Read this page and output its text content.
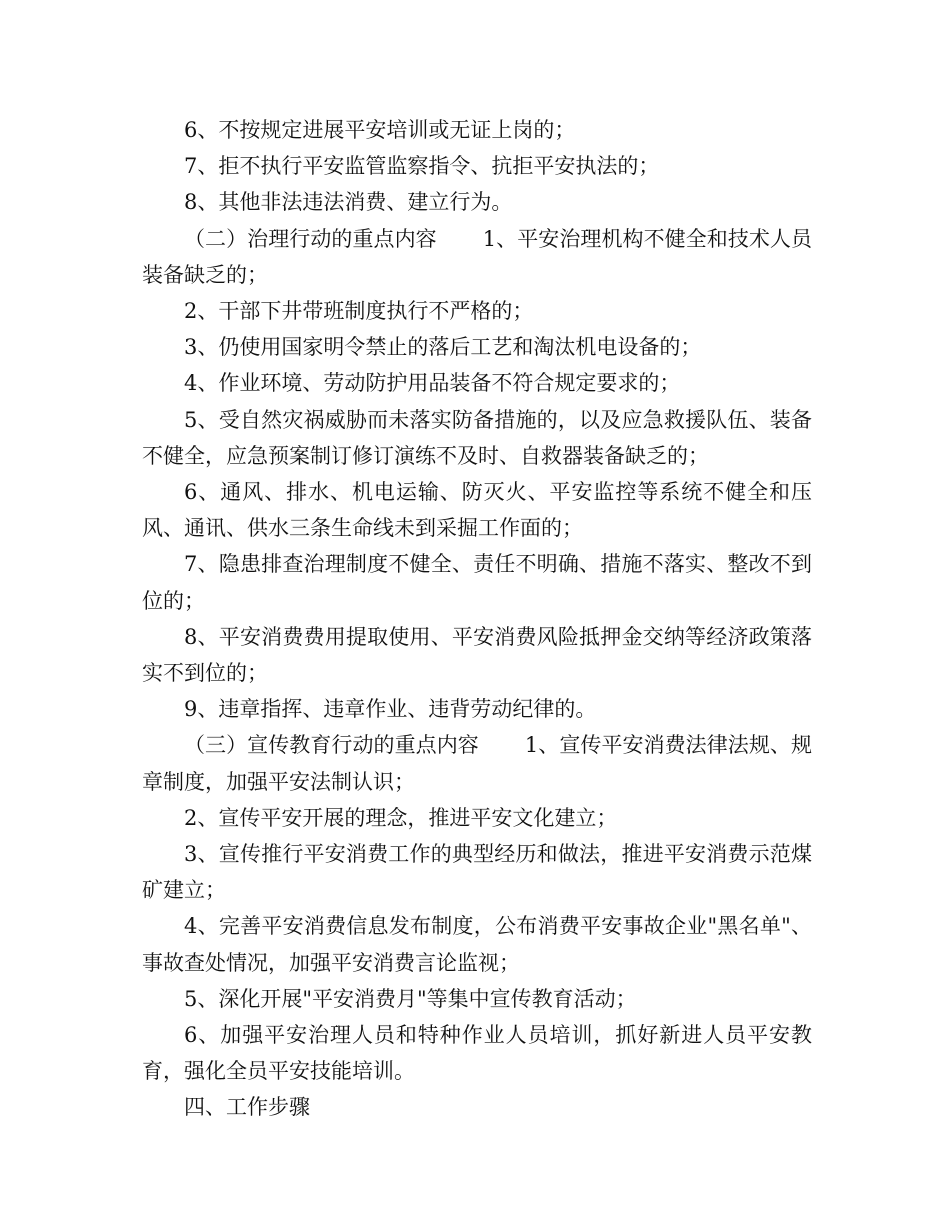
6、不按规定进展平安培训或无证上岗的；

7、拒不执行平安监管监察指令、抗拒平安执法的；

8、其他非法违法消费、建立行为。

（二）治理行动的重点内容 1、平安治理机构不健全和技术人员装备缺乏的；

2、干部下井带班制度执行不严格的；

3、仍使用国家明令禁止的落后工艺和淘汰机电设备的；

4、作业环境、劳动防护用品装备不符合规定要求的；

5、受自然灾祸威胁而未落实防备措施的，以及应急救援队伍、装备不健全，应急预案制订修订演练不及时、自救器装备缺乏的；

6、通风、排水、机电运输、防灭火、平安监控等系统不健全和压风、通讯、供水三条生命线未到采掘工作面的；

7、隐患排查治理制度不健全、责任不明确、措施不落实、整改不到位的；

8、平安消费费用提取使用、平安消费风险抵押金交纳等经济政策落实不到位的；

9、违章指挥、违章作业、违背劳动纪律的。

（三）宣传教育行动的重点内容 1、宣传平安消费法律法规、规章制度，加强平安法制认识；

2、宣传平安开展的理念，推进平安文化建立；

3、宣传推行平安消费工作的典型经历和做法，推进平安消费示范煤矿建立；

4、完善平安消费信息发布制度，公布消费平安事故企业"黑名单"、事故查处情况，加强平安消费言论监视；

5、深化开展"平安消费月"等集中宣传教育活动；

6、加强平安治理人员和特种作业人员培训，抓好新进人员平安教育，强化全员平安技能培训。

四、工作步骤
